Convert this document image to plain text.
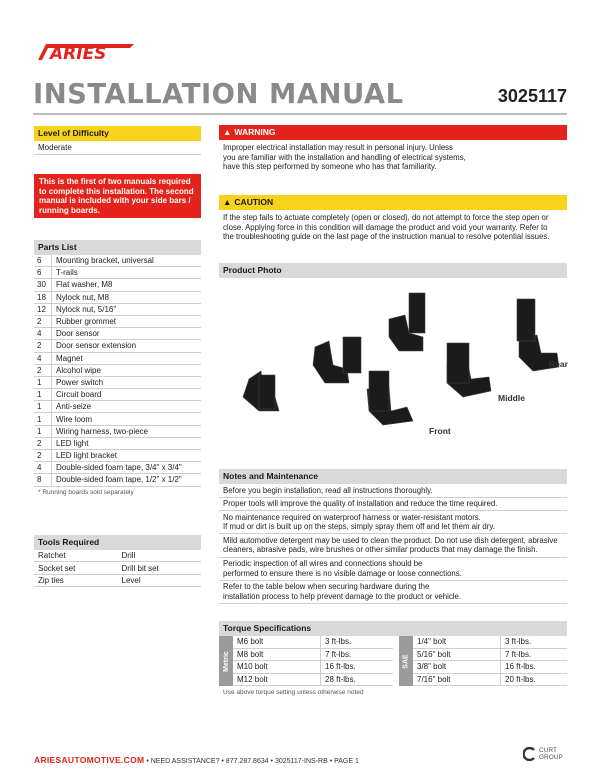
ARIES
INSTALLATION MANUAL	3025117
Level of Difficulty
Moderate
This is the first of two manuals required to complete this installation. The second manual is included with your side bars / running boards.
Parts List
6	Mounting bracket, universal
6	T-rails
30	Flat washer, M8
18	Nylock nut, M8
12	Nylock nut, 5/16"
2	Rubber grommet
4	Door sensor
2	Door sensor extension
4	Magnet
2	Alcohol wipe
1	Power switch
1	Circuit board
1	Anti-seize
1	Wire loom
1	Wiring harness, two-piece
2	LED light
2	LED light bracket
4	Double-sided foam tape, 3/4" x 3/4"
8	Double-sided foam tape, 1/2" x 1/2"
* Running boards sold separately
Tools Required
Ratchet	Drill
Socket set	Drill bit set
Zip ties	Level
▲ WARNING
Improper electrical installation may result in personal injury. Unless
you are familiar with the installation and handling of electrical systems,
have this step performed by someone who has that familiarity.
▲ CAUTION
If the step fails to actuate completely (open or closed), do not attempt to force the step open or
close. Applying force in this condition will damage the product and void your warranty. Refer to
the troubleshooting guide on the last page of the instruction manual to resolve potential issues.
Product Photo
Rear
Middle
Front
Notes and Maintenance
Before you begin installation, read all instructions thoroughly.
Proper tools will improve the quality of installation and reduce the time required.
No maintenance required on waterproof harness or water-resistant motors.
If mud or dirt is built up on the steps, simply spray them off and let them air dry.
Mild automotive detergent may be used to clean the product. Do not use dish detergent, abrasive
cleaners, abrasive pads, wire brushes or other similar products that may damage the finish.
Periodic inspection of all wires and connections should be
performed to ensure there is no visible damage or loose connections.
Refer to the table below when securing hardware during the
installation process to help prevent damage to the product or vehicle.
Torque Specifications
Metric
M6 bolt	3 ft-lbs.
M8 bolt	7 ft-lbs.
M10 bolt	16 ft-lbs.
M12 bolt	28 ft-lbs.
SAE
1/4" bolt	3 ft-lbs.
5/16" bolt	7 ft-lbs.
3/8" bolt	16 ft-lbs.
7/16" bolt	20 ft-lbs.
Use above torque setting unless otherwise noted
ARIESAUTOMOTIVE.COM • NEED ASSISTANCE? • 877.287.8634 • 3025117-INS-RB • PAGE 1
CURT
GROUP
